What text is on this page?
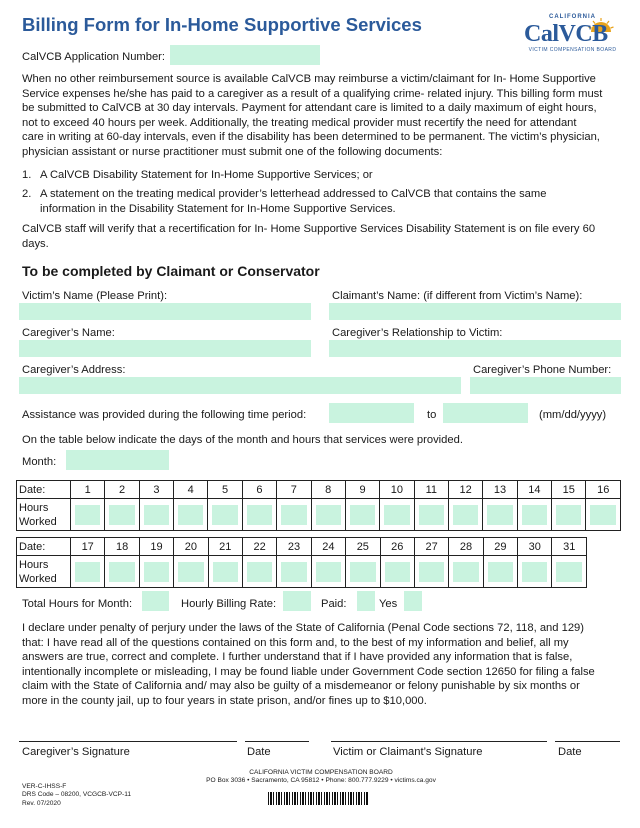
Billing Form for In-Home Supportive Services	CALIFORNIA
CalVCB
VICTIM COMPENSATION BOARD
CalVCB Application Number:
When no other reimbursement source is available CalVCB may reimburse a victim/claimant for In- Home Supportive
Service expenses he/she has paid to a caregiver as a result of a qualifying crime- related injury. This billing form must
be submitted to CalVCB at 30 day intervals. Payment for attendant care is limited to a daily maximum of eight hours,
not to exceed 40 hours per week. Additionally, the treating medical provider must recertify the need for attendant
care in writing at 60-day intervals, even if the disability has been determined to be permanent. The victim’s physician,
physician assistant or nurse practitioner must submit one of the following documents:
1. A CalVCB Disability Statement for In-Home Supportive Services; or
2. A statement on the treating medical provider’s letterhead addressed to CalVCB that contains the same
information in the Disability Statement for In-Home Supportive Services.
CalVCB staff will verify that a recertification for In- Home Supportive Services Disability Statement is on file every 60
days.
To be completed by Claimant or Conservator
Victim’s Name (Please Print):	Claimant’s Name: (if different from Victim’s Name):
Caregiver’s Name:	Caregiver’s Relationship to Victim:
Caregiver’s Address:	Caregiver’s Phone Number:
Assistance was provided during the following time period:	to	(mm/dd/yyyy)
On the table below indicate the days of the month and hours that services were provided.
Month:
Date:	1	2	3	4	5	6	7	8	9	10	11	12	13	14	15	16

Hours
Worked																

Date:	17	18	19	20	21	22	23	24	25	26	27	28	29	30	31

Hours
Worked															

Total Hours for Month:	Hourly Billing Rate:	Paid:	Yes
I declare under penalty of perjury under the laws of the State of California (Penal Code sections 72, 118, and 129)
that: I have read all of the questions contained on this form and, to the best of my information and belief, all my
answers are true, correct and complete. I further understand that if I have provided any information that is false,
intentionally incomplete or misleading, I may be found liable under Government Code section 12650 for filing a false
claim with the State of California and/ may also be guilty of a misdemeanor or felony punishable by six months or
more in the county jail, up to four years in state prison, and/or fines up to $10,000.
Caregiver’s Signature	Date	Victim or Claimant’s Signature	Date
VER-C-IHSS-F
DRS Code – 08200, VCGCB-VCP-11
Rev. 07/2020
CALIFORNIA VICTIM COMPENSATION BOARD
PO Box 3036 • Sacramento, CA 95812 • Phone: 800.777.9229 • victims.ca.gov
